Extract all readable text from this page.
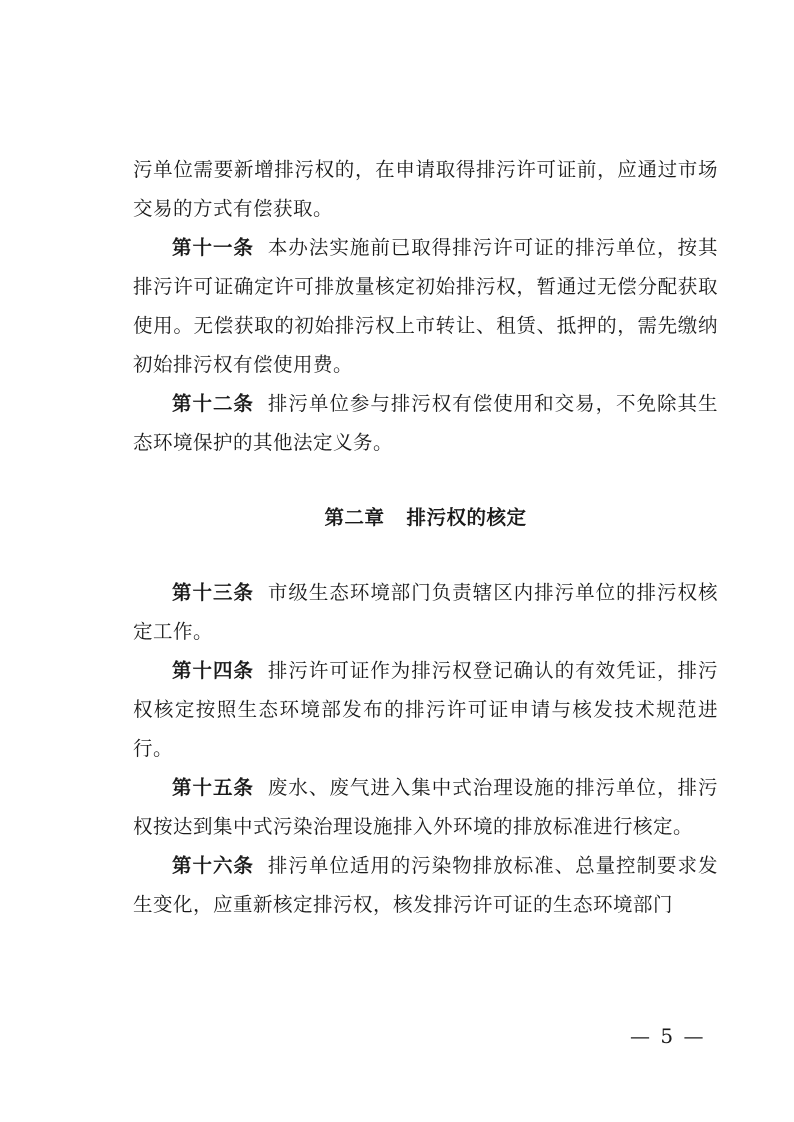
污单位需要新增排污权的，在申请取得排污许可证前，应通过市场交易的方式有偿获取。

第十一条 本办法实施前已取得排污许可证的排污单位，按其排污许可证确定许可排放量核定初始排污权，暂通过无偿分配获取使用。无偿获取的初始排污权上市转让、租赁、抵押的，需先缴纳初始排污权有偿使用费。

第十二条 排污单位参与排污权有偿使用和交易，不免除其生态环境保护的其他法定义务。

第二章 排污权的核定

第十三条 市级生态环境部门负责辖区内排污单位的排污权核定工作。

第十四条 排污许可证作为排污权登记确认的有效凭证，排污权核定按照生态环境部发布的排污许可证申请与核发技术规范进行。

第十五条 废水、废气进入集中式治理设施的排污单位，排污权按达到集中式污染治理设施排入外环境的排放标准进行核定。

第十六条 排污单位适用的污染物排放标准、总量控制要求发生变化，应重新核定排污权，核发排污许可证的生态环境部门

— 5 —
